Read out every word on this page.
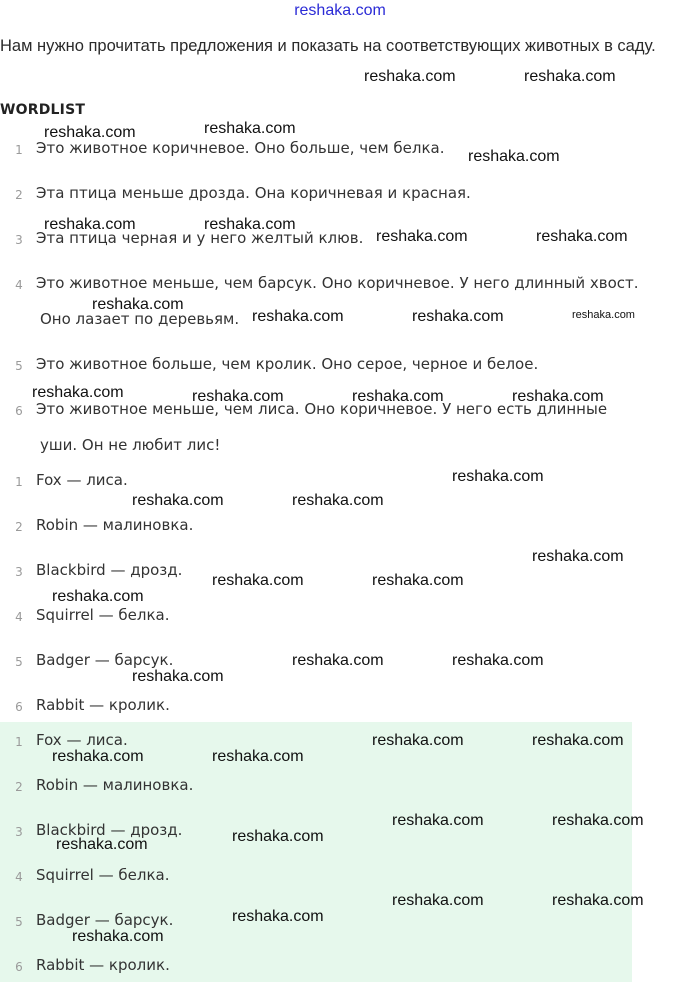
reshaka.com
Нам нужно прочитать предложения и показать на соответствующих животных в саду.
WORDLIST
1 Это животное коричневое. Оно больше, чем белка.
2 Эта птица меньше дрозда. Она коричневая и красная.
3 Эта птица черная и у него желтый клюв.
4 Это животное меньше, чем барсук. Оно коричневое. У него длинный хвост.
Оно лазает по деревьям.
5 Это животное больше, чем кролик. Оно серое, черное и белое.
6 Это животное меньше, чем лиса. Оно коричневое. У него есть длинные
уши. Он не любит лис!
1 Fox — лиса.
2 Robin — малиновка.
3 Blackbird — дрозд.
4 Squirrel — белка.
5 Badger — барсук.
6 Rabbit — кролик.
1 Fox — лиса.
2 Robin — малиновка.
3 Blackbird — дрозд.
4 Squirrel — белка.
5 Badger — барсук.
6 Rabbit — кролик.
reshaka.com	reshaka.com
reshaka.com	reshaka.com
reshaka.com
reshaka.com	reshaka.com
reshaka.com	reshaka.com
reshaka.com
reshaka.com	reshaka.com	reshaka.com
reshaka.com	reshaka.com	reshaka.com	reshaka.com
reshaka.com
reshaka.com	reshaka.com
reshaka.com
reshaka.com	reshaka.com
reshaka.com
reshaka.com	reshaka.com
reshaka.com
reshaka.com	reshaka.com
reshaka.com	reshaka.com
reshaka.com	reshaka.com
reshaka.com
reshaka.com
reshaka.com	reshaka.com
reshaka.com
reshaka.com
